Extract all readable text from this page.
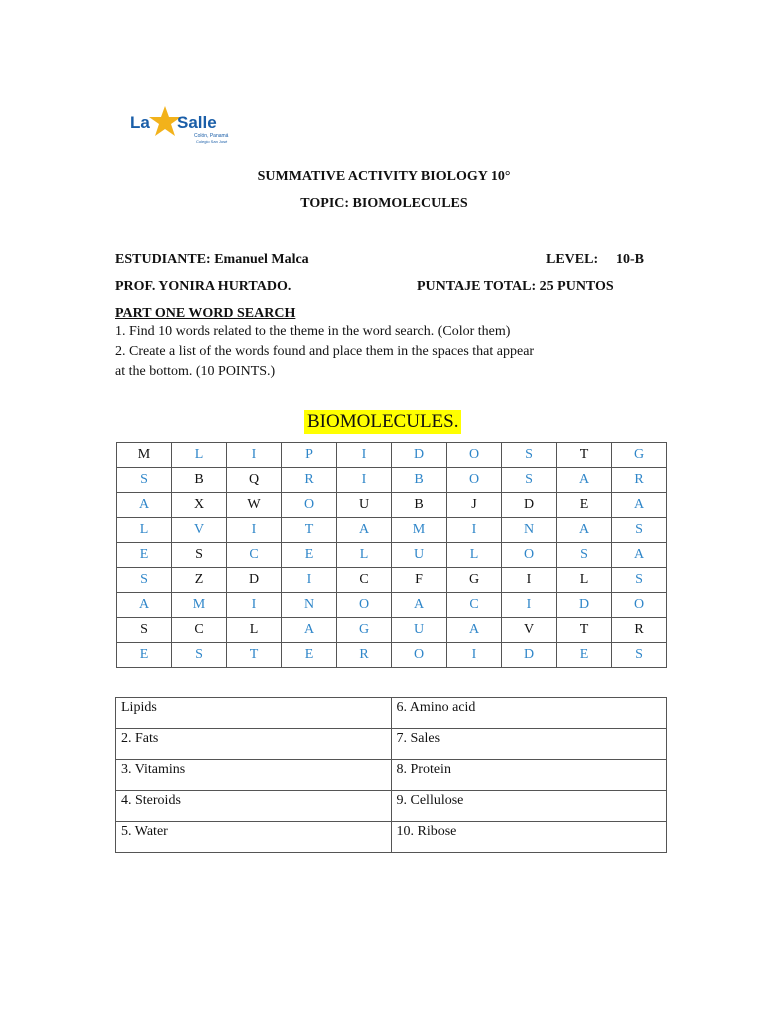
La Salle
Colón, Panamá
Colegio San José
SUMMATIVE ACTIVITY BIOLOGY 10°
TOPIC: BIOMOLECULES
ESTUDIANTE: Emanuel Malca	LEVEL: 10-B
PROF. YONIRA HURTADO.	PUNTAJE TOTAL: 25 PUNTOS
PART ONE WORD SEARCH
1. Find 10 words related to the theme in the word search. (Color them)
2. Create a list of the words found and place them in the spaces that appear
at the bottom. (10 POINTS.)
BIOMOLECULES.
M	L	I	P	I	D	O	S	T	G
S	B	Q	R	I	B	O	S	A	R
A	X	W	O	U	B	J	D	E	A
L	V	I	T	A	M	I	N	A	S
E	S	C	E	L	U	L	O	S	A
S	Z	D	I	C	F	G	I	L	S
A	M	I	N	O	A	C	I	D	O
S	C	L	A	G	U	A	V	T	R
E	S	T	E	R	O	I	D	E	S
Lipids	6. Amino acid
2. Fats	7. Sales
3. Vitamins	8. Protein
4. Steroids	9. Cellulose
5. Water	10. Ribose
